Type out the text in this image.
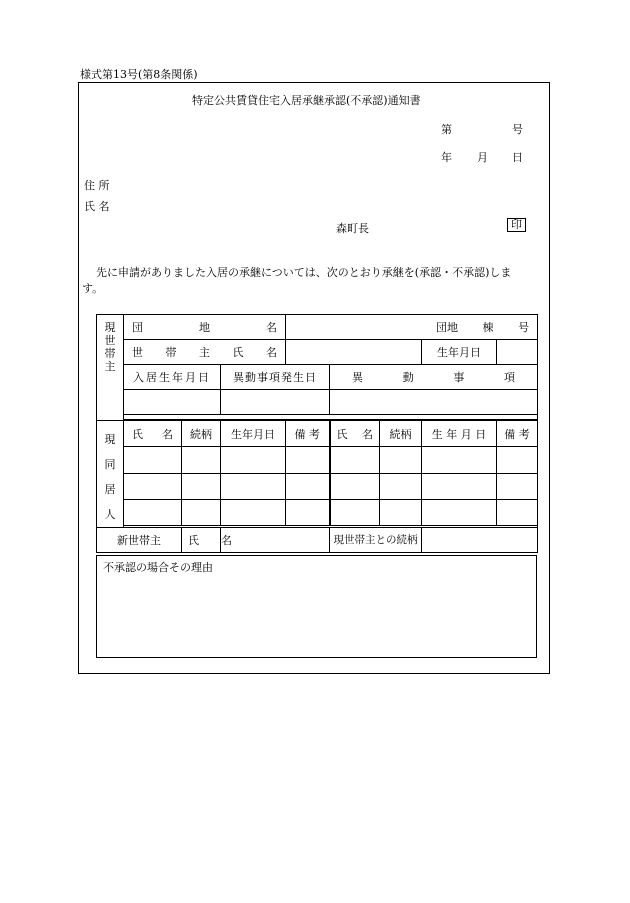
様式第13号(第8条関係)
特定公共賃貸住宅入居承継承認(不承認)通知書
第	号
年 月 日
住 所
氏 名
森町長	印
先に申請がありました入居の承継については、次のとおり承継を(承認・不承認)しま
す。
現
世
帯
主	団 地 名			団地 棟 号				

	世 帯 主 氏 名						生年月日	
	入居生年月日		異動事項発生日		異 動 事 項			

現
同
居
人	氏 名	続柄	生年月日	備 考	氏 名	続柄	生 年 月 日	備 考

新世帯主		氏　　名			現世帯主との続柄			
不承認の場合その理由
